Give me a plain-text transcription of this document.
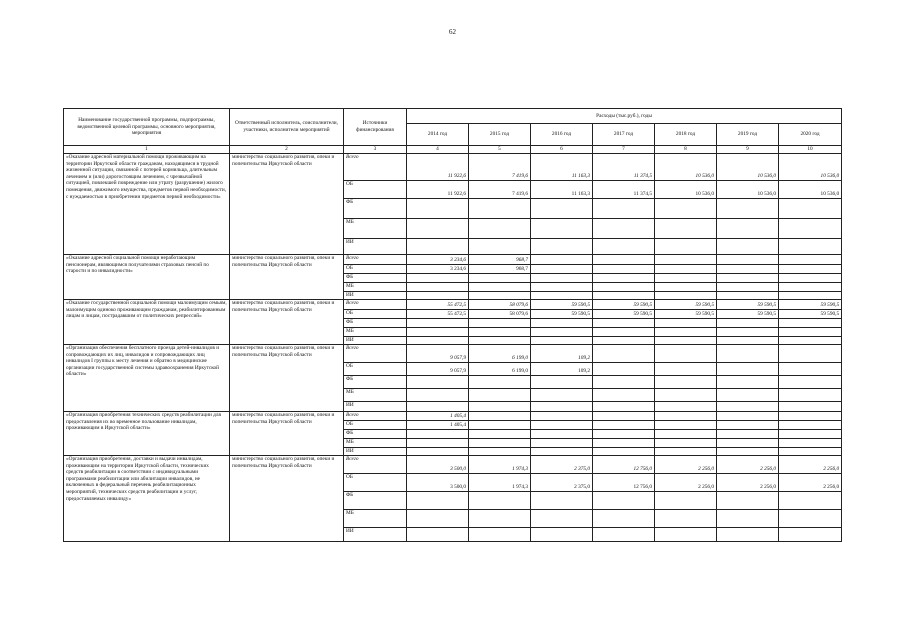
62
Наименование государственной программы, подпрограммы, ведомственной целевой программы, основного мероприятия, мероприятия	Ответственный исполнитель, соисполнители, участники, исполнители мероприятий	Источники финансирования	Расходы (тыс.руб.), годы						
			2014 год	2015 год	2016 год	2017 год	2018 год	2019 год	2020 год
1	2	3	4	5	6	7	8	9	10
«Оказание адресной материальной помощи проживающим на территории Иркутской области гражданам, находящимся в трудной жизненной ситуации, связанной с потерей кормильца, длительным лечением и (или) дорогостоящим лечением, с чрезвычайной ситуацией, повлекшей повреждение или утрату (разрушение) жилого помещения, движимого имущества, предметов первой необходимости, с нуждаемостью в приобретении предметов первой необходимости»	министерство социального развития, опеки и попечительства Иркутской области	Всего	11 922,6	7 419,6	11 163,3	11 374,5	10 536,0	10 536,0	10 536,0
		ОБ	11 922,6	7 419,6	11 163,3	11 374,5	10 536,0	10 536,0	10 536,0
		ФБ							
		МБ							
		ИИ							
«Оказание адресной социальной помощи неработающим пенсионерам, являющимся получателями страховых пенсий по старости и по инвалидности»	министерство социального развития, опеки и попечительства Иркутской области	Всего	3 234,6	968,7					
		ОБ	3 234,6	968,7					
		ФБ							
		МБ							
		ИИ							
«Оказание государственной социальной помощи малоимущим семьям, малоимущим одиноко проживающим гражданам, реабилитированным лицам и лицам, пострадавшим от политических репрессий»	министерство социального развития, опеки и попечительства Иркутской области	Всего	55 472,5	58 079,6	59 590,5	59 590,5	59 590,5	59 590,5	59 590,5
		ОБ	55 472,5	58 079,6	59 590,5	59 590,5	59 590,5	59 590,5	59 590,5
		ФБ							
		МБ							
		ИИ							
«Организация обеспечения бесплатного проезда детей-инвалидов и сопровождающих их лиц, инвалидов и сопровождающих лиц инвалидов I группы к месту лечения и обратно в медицинские организации государственной системы здравоохранения Иркутской области»	министерство социального развития, опеки и попечительства Иркутской области	Всего	9 057,9	6 199,0	109,2				
		ОБ	9 057,9	6 199,0	109,2				
		ФБ							
		МБ							
		ИИ							
«Организация приобретения технических средств реабилитации для предоставления их во временное пользование инвалидам, проживающим в Иркутской области»	министерство социального развития, опеки и попечительства Иркутской области	Всего	1 405,4						
		ОБ	1 405,4						
		ФБ							
		МБ							
		ИИ							
«Организация приобретения, доставки и выдачи инвалидам, проживающим на территории Иркутской области, технических средств реабилитации в соответствии с индивидуальными программами реабилитации или абилитации инвалидов, не включенных в федеральный перечень реабилитационных мероприятий, технических средств реабилитации и услуг, предоставляемых инвалиду»	министерство социального развития, опеки и попечительства Иркутской области	Всего	3 500,0	1 974,3	2 375,0	12 756,0	2 256,0	2 256,0	2 256,0
		ОБ	3 500,0	1 974,3	2 375,0	12 756,0	2 256,0	2 256,0	2 256,0
		ФБ							
		МБ							
		ИИ							
